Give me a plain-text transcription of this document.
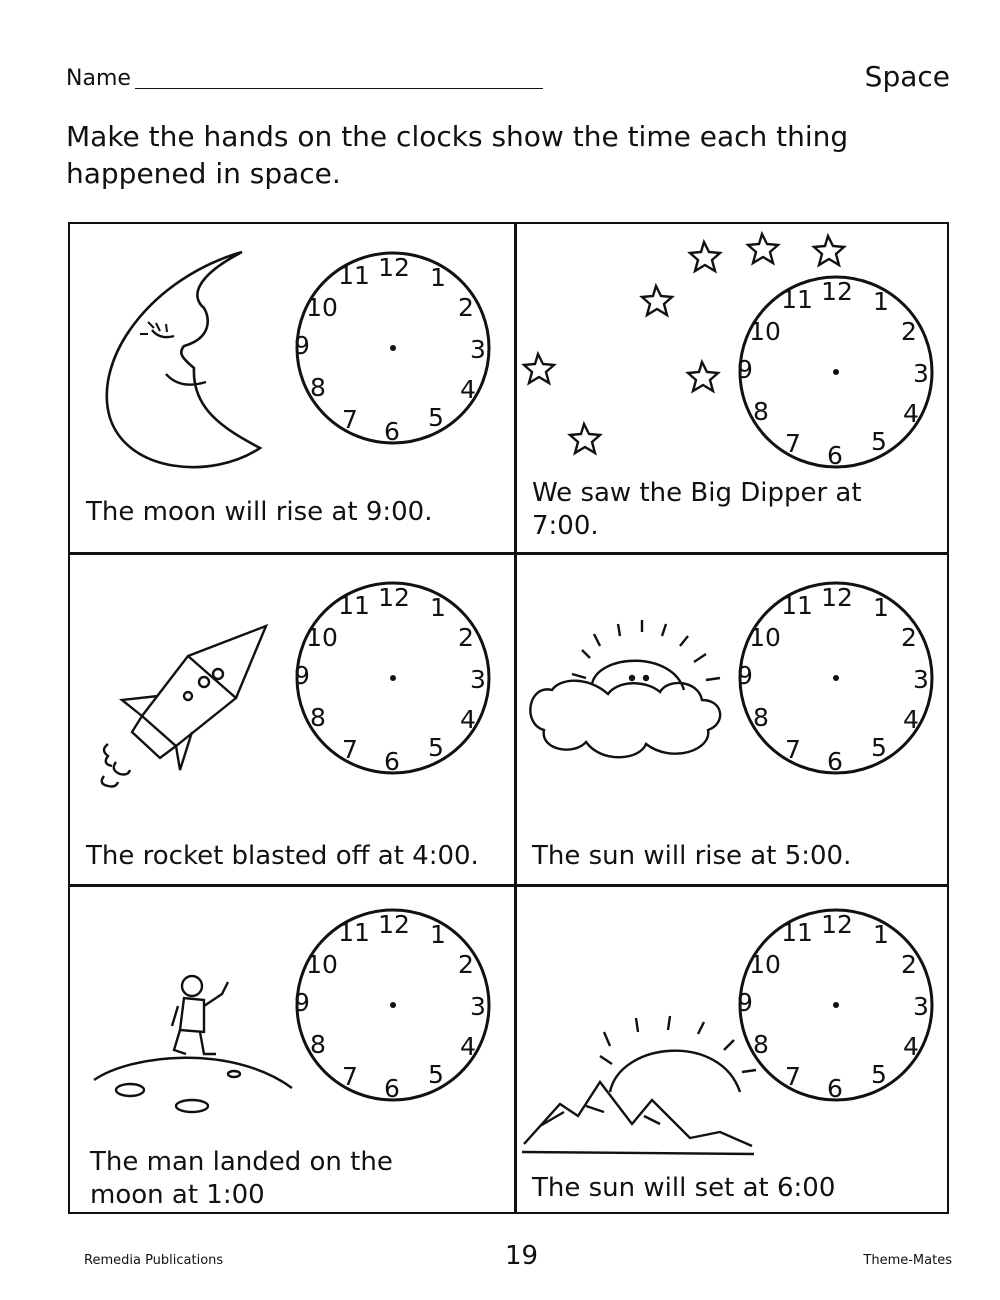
Name	Space
Make the hands on the clocks show the time each thing happened in space.
12 1
2
3
4
5
6
7
8
9
10
11
The moon will rise at 9:00.
12 1
2
3
4
5
6
7
8
9
10
11
We saw the Big Dipper at 7:00.
12 1
2
3
4
5
6
7
8
9
10
11
The rocket blasted off at 4:00.
12 1
2
3
4
5
6
7
8
9
10
11
The sun will rise at 5:00.
12 1
2
3
4
5
6
7
8
9
10
11
The man landed on the moon at 1:00
12 1
2
3
4
5
6
7
8
9
10
11
The sun will set at 6:00
Remedia Publications	19	Theme-Mates
